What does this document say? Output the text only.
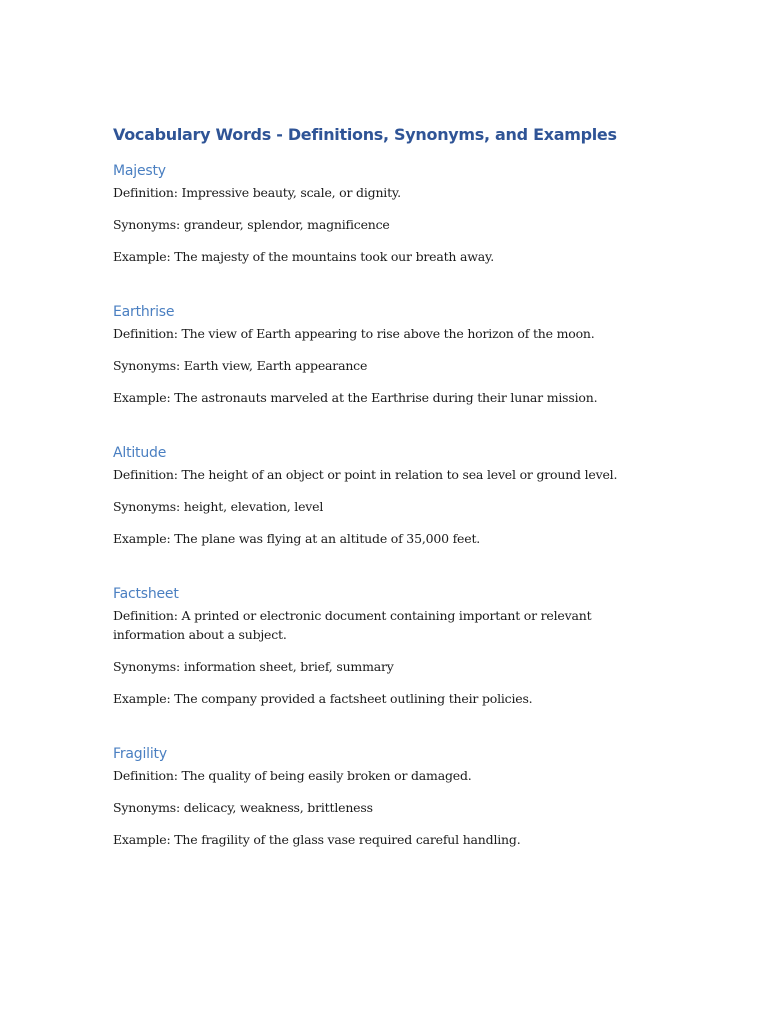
Vocabulary Words - Definitions, Synonyms, and Examples
Majesty

Definition: Impressive beauty, scale, or dignity.

Synonyms: grandeur, splendor, magnificence

Example: The majesty of the mountains took our breath away.

Earthrise

Definition: The view of Earth appearing to rise above the horizon of the moon.

Synonyms: Earth view, Earth appearance

Example: The astronauts marveled at the Earthrise during their lunar mission.

Altitude

Definition: The height of an object or point in relation to sea level or ground level.

Synonyms: height, elevation, level

Example: The plane was flying at an altitude of 35,000 feet.

Factsheet

Definition: A printed or electronic document containing important or relevant information about a subject.

Synonyms: information sheet, brief, summary

Example: The company provided a factsheet outlining their policies.

Fragility

Definition: The quality of being easily broken or damaged.

Synonyms: delicacy, weakness, brittleness

Example: The fragility of the glass vase required careful handling.
